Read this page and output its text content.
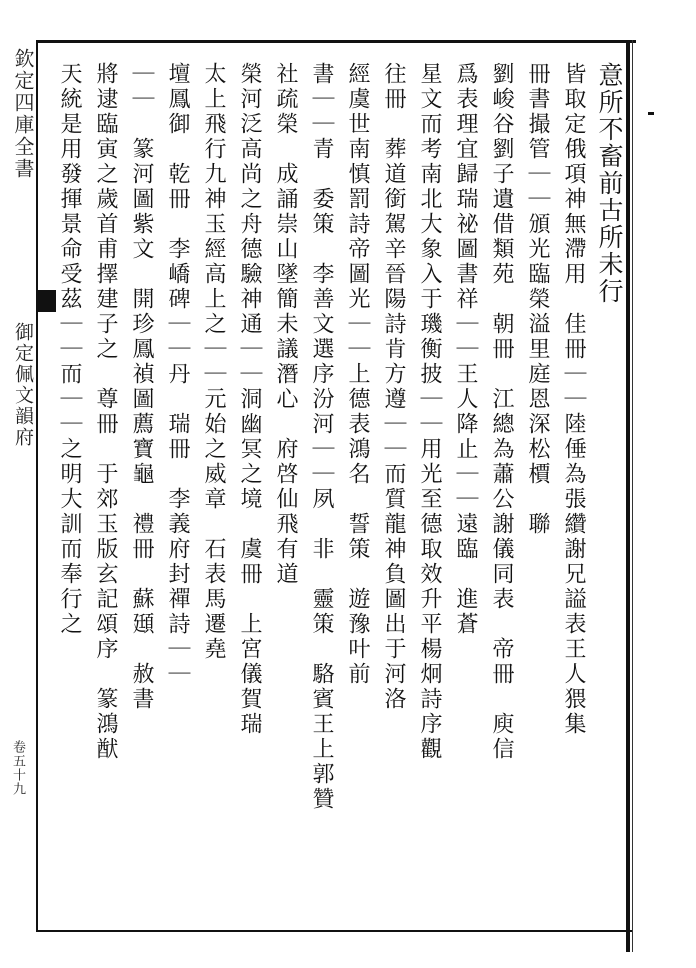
欽定四庫全書
御定佩文韻府
卷五十九
意所不畜前古所未行
皆取定俄項神無滯用　佳冊｜｜陸倕為張纘謝兄謚表王人猥集
冊書撮管｜｜頒光臨榮溢里庭恩深松檟　聯
劉峻谷劉子遺借類苑　朝冊　江總為蕭公謝儀同表　帝冊　庾信
爲表理宜歸瑞祕圖書祥｜｜王人降止｜｜遠臨　進蒼
星文而考南北大象入于璣衡披｜｜用光至德取效升平楊炯詩序觀
往冊　葬道銜駕辛晉陽詩肯方遵｜｜而質龍神負圖出于河洛
經虞世南慎罰詩帝圖光｜｜上德表鴻名　誓策　遊豫叶前
書｜｜青　委策　李善文選序汾河｜｜夙　非　靈策　駱賓王上郭贊
社疏榮　成誦崇山墜簡未議潛心　府啓仙飛有道
榮河泛高尚之舟德驗神通｜｜洞幽冥之境　虞冊　上宮儀賀瑞
太上飛行九神玉經高上之｜｜元始之威章　石表馬遷堯
壇鳳御　乾冊　李嶠碑｜｜丹　瑞冊　李義府封禪詩｜｜
｜｜　篆河圖紫文　開珍鳳禎圖薦寶龜　禮冊　蘇頲　赦書
將逮臨寅之歲首甫擇建子之　尊冊　于郊玉版玄記頌序　篆鴻猷
天統是用發揮景命受茲｜｜而｜｜之明大訓而奉行之
